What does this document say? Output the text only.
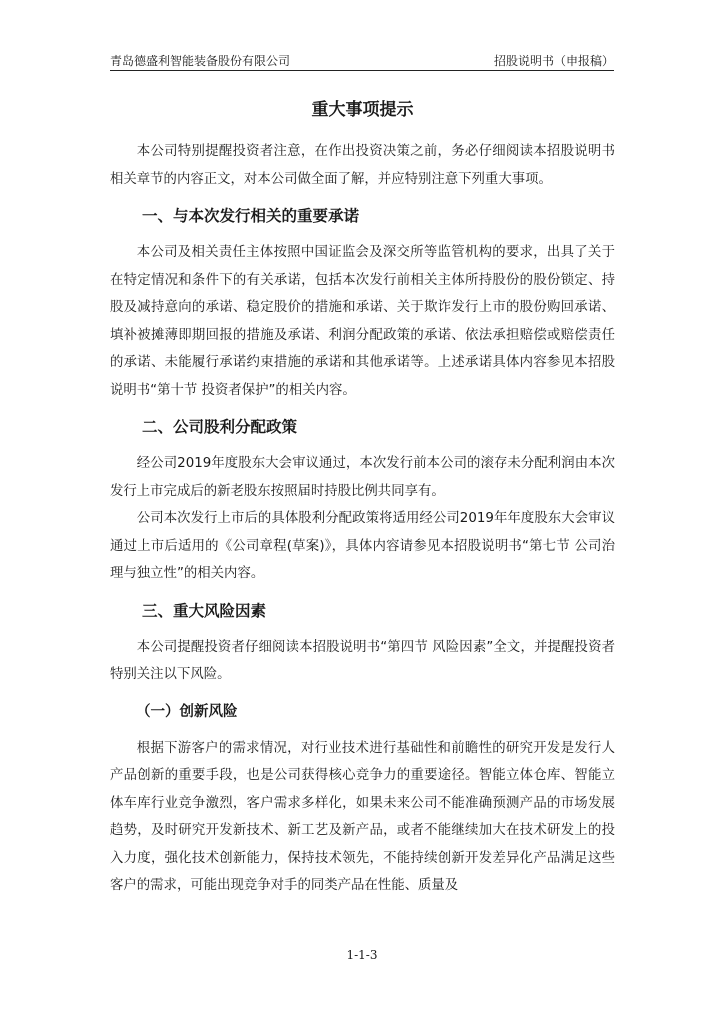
青岛德盛利智能装备股份有限公司	招股说明书（申报稿）
重大事项提示

本公司特别提醒投资者注意，在作出投资决策之前，务必仔细阅读本招股说明书相关章节的内容正文，对本公司做全面了解，并应特别注意下列重大事项。

一、与本次发行相关的重要承诺

本公司及相关责任主体按照中国证监会及深交所等监管机构的要求，出具了关于在特定情况和条件下的有关承诺，包括本次发行前相关主体所持股份的股份锁定、持股及减持意向的承诺、稳定股价的措施和承诺、关于欺诈发行上市的股份购回承诺、填补被摊薄即期回报的措施及承诺、利润分配政策的承诺、依法承担赔偿或赔偿责任的承诺、未能履行承诺约束措施的承诺和其他承诺等。上述承诺具体内容参见本招股说明书“第十节 投资者保护”的相关内容。

二、公司股利分配政策

经公司2019年度股东大会审议通过，本次发行前本公司的滚存未分配利润由本次发行上市完成后的新老股东按照届时持股比例共同享有。

公司本次发行上市后的具体股利分配政策将适用经公司2019年年度股东大会审议通过上市后适用的《公司章程(草案)》，具体内容请参见本招股说明书“第七节 公司治理与独立性”的相关内容。

三、重大风险因素

本公司提醒投资者仔细阅读本招股说明书“第四节 风险因素”全文，并提醒投资者特别关注以下风险。

（一）创新风险

根据下游客户的需求情况，对行业技术进行基础性和前瞻性的研究开发是发行人产品创新的重要手段，也是公司获得核心竞争力的重要途径。智能立体仓库、智能立体车库行业竞争激烈，客户需求多样化，如果未来公司不能准确预测产品的市场发展趋势，及时研究开发新技术、新工艺及新产品，或者不能继续加大在技术研发上的投入力度，强化技术创新能力，保持技术领先，不能持续创新开发差异化产品满足这些客户的需求，可能出现竞争对手的同类产品在性能、质量及

1-1-3
